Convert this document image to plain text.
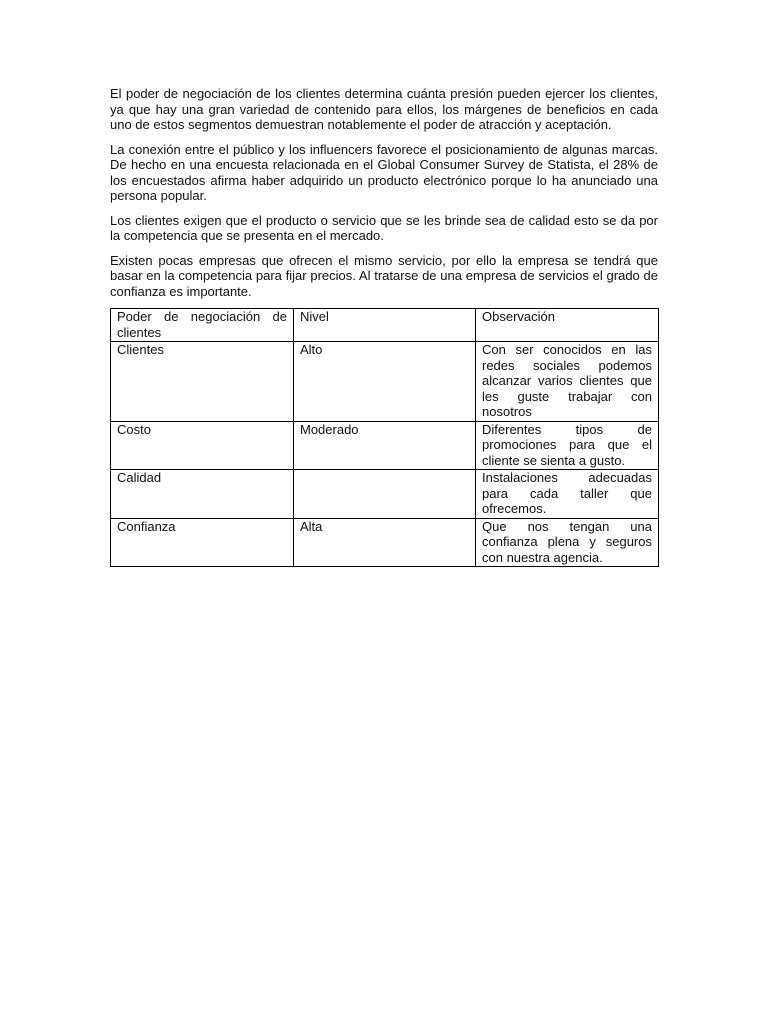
El poder de negociación de los clientes determina cuánta presión pueden ejercer los clientes, ya que hay una gran variedad de contenido para ellos, los márgenes de beneficios en cada uno de estos segmentos demuestran notablemente el poder de atracción y aceptación.

La conexión entre el público y los influencers favorece el posicionamiento de algunas marcas. De hecho en una encuesta relacionada en el Global Consumer Survey de Statista, el 28% de los encuestados afirma haber adquirido un producto electrónico porque lo ha anunciado una persona popular.

Los clientes exigen que el producto o servicio que se les brinde sea de calidad esto se da por la competencia que se presenta en el mercado.

Existen pocas empresas que ofrecen el mismo servicio, por ello la empresa se tendrá que basar en la competencia para fijar precios. Al tratarse de una empresa de servicios el grado de confianza es importante.

Poder de negociación de clientes	Nivel	Observación
Clientes	Alto	Con ser conocidos en las redes sociales podemos alcanzar varios clientes que les guste trabajar con nosotros
Costo	Moderado	Diferentes tipos de promociones para que el cliente se sienta a gusto.
Calidad		Instalaciones adecuadas para cada taller que ofrecemos.
Confianza	Alta	Que nos tengan una confianza plena y seguros con nuestra agencia.
